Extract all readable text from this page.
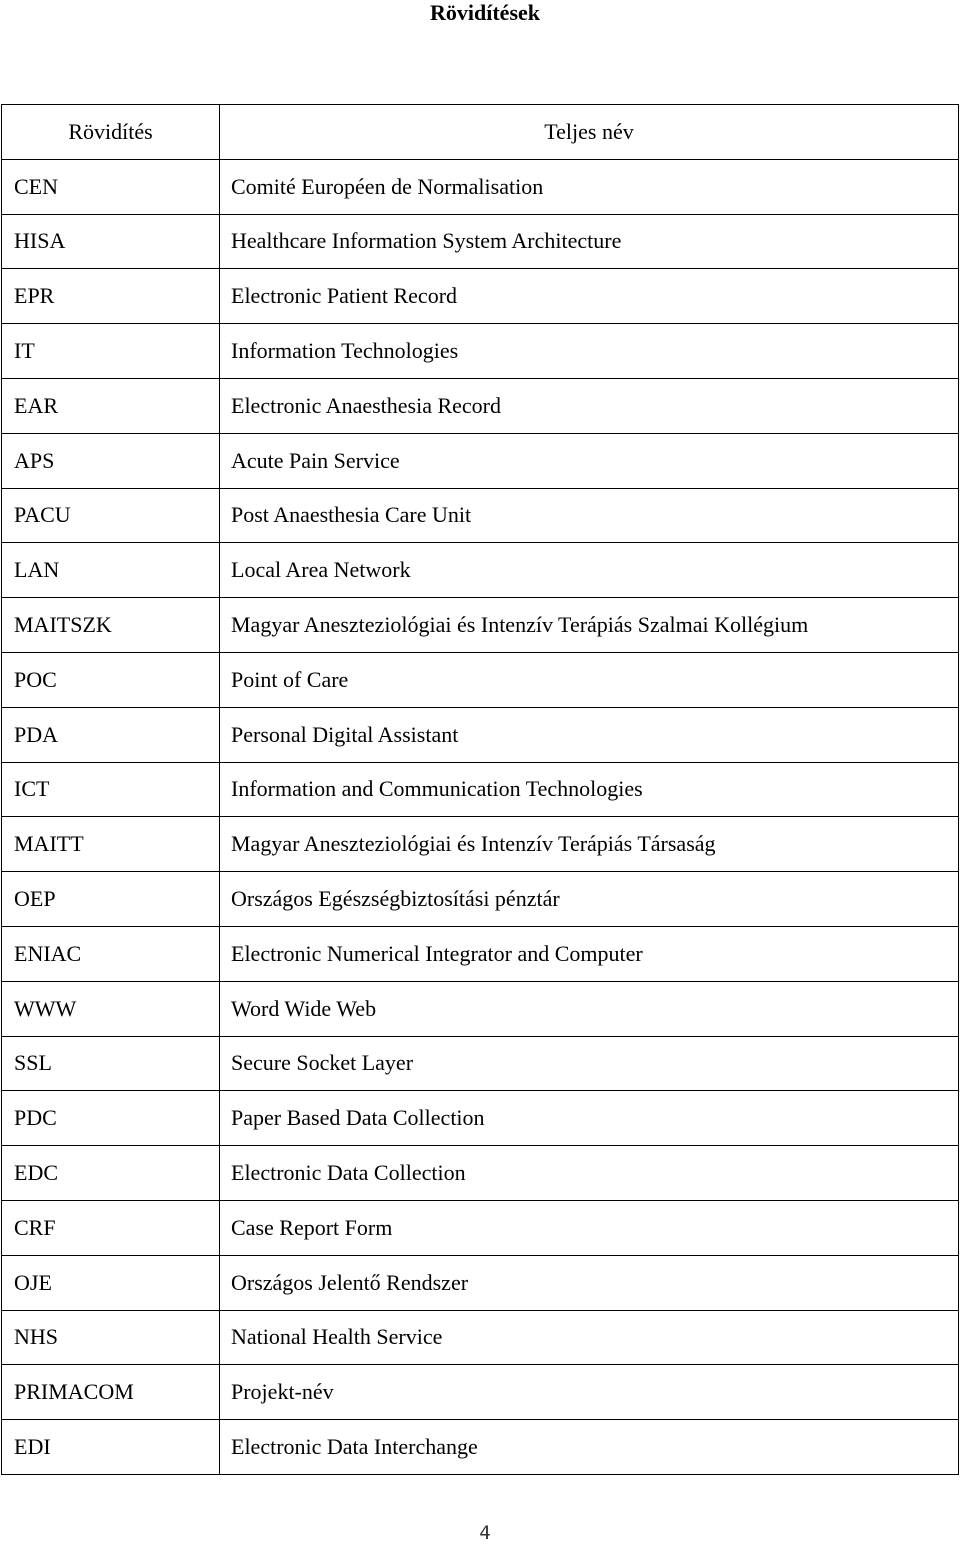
Rövidítések
Rövidítés	Teljes név
CEN	Comité Européen de Normalisation
HISA	Healthcare Information System Architecture
EPR	Electronic Patient Record
IT	Information Technologies
EAR	Electronic Anaesthesia Record
APS	Acute Pain Service
PACU	Post Anaesthesia Care Unit
LAN	Local Area Network
MAITSZK	Magyar Aneszteziológiai és Intenzív Terápiás Szalmai Kollégium
POC	Point of Care
PDA	Personal Digital Assistant
ICT	Information and Communication Technologies
MAITT	Magyar Aneszteziológiai és Intenzív Terápiás Társaság
OEP	Országos Egészségbiztosítási pénztár
ENIAC	Electronic Numerical Integrator and Computer
WWW	Word Wide Web
SSL	Secure Socket Layer
PDC	Paper Based Data Collection
EDC	Electronic Data Collection
CRF	Case Report Form
OJE	Országos Jelentő Rendszer
NHS	National Health Service
PRIMACOM	Projekt-név
EDI	Electronic Data Interchange
4
